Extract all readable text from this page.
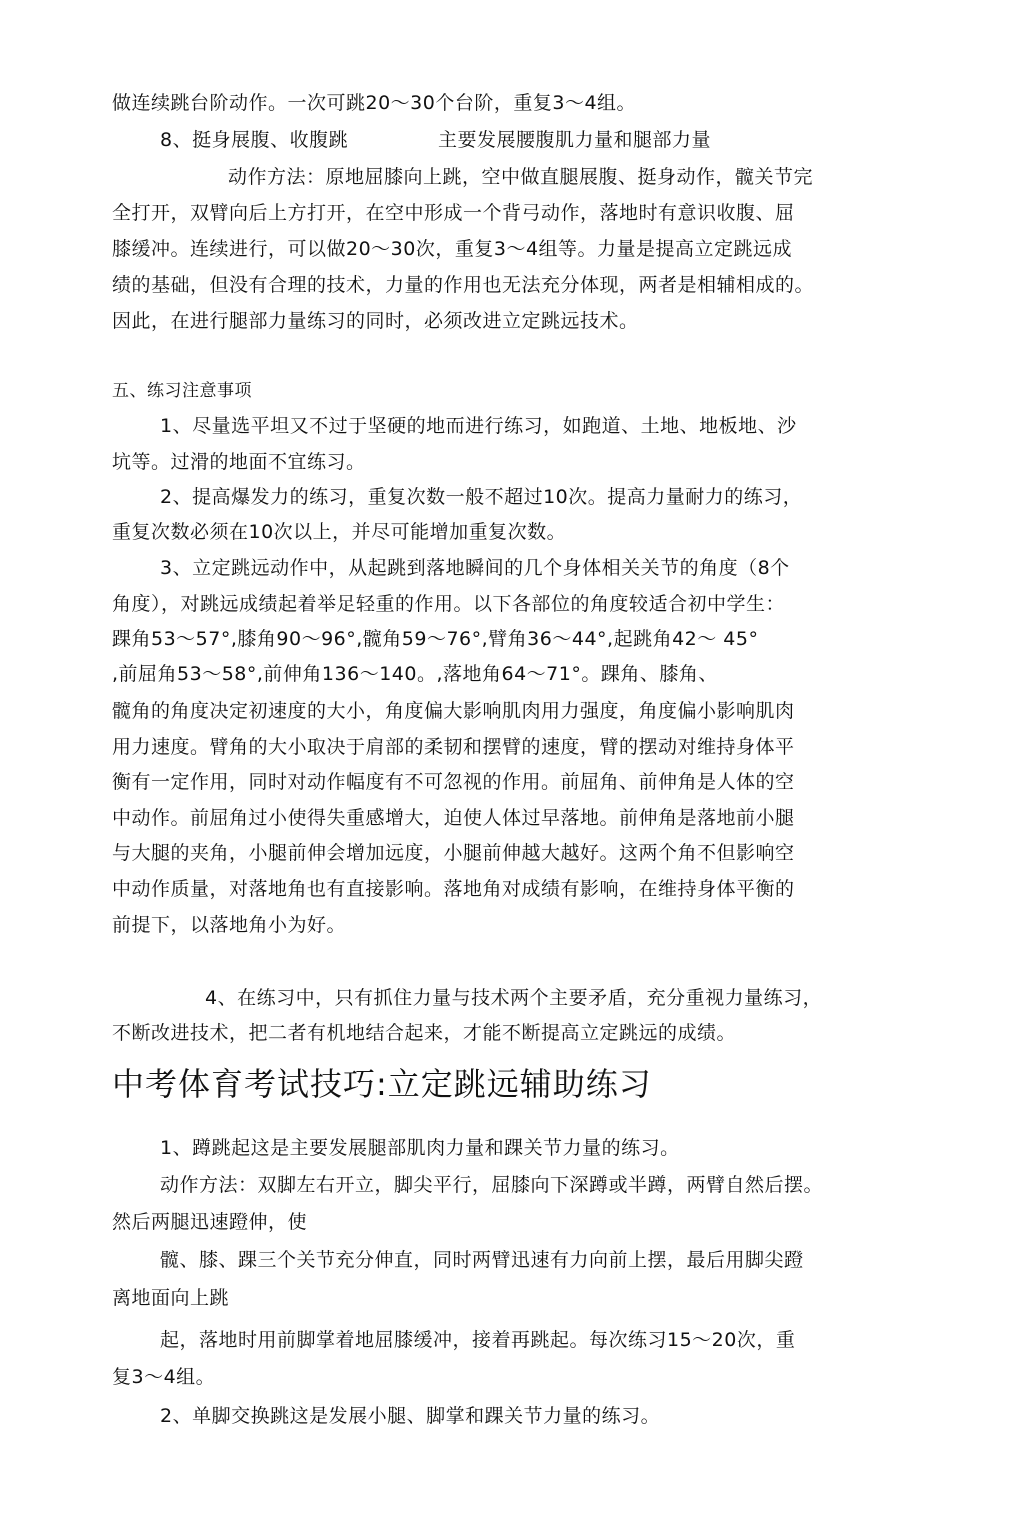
做连续跳台阶动作。一次可跳20～30个台阶，重复3～4组。
8、挺身展腹、收腹跳	主要发展腰腹肌力量和腿部力量
动作方法：原地屈膝向上跳，空中做直腿展腹、挺身动作，髋关节完
全打开，双臂向后上方打开，在空中形成一个背弓动作，落地时有意识收腹、屈
膝缓冲。连续进行，可以做20～30次，重复3～4组等。力量是提高立定跳远成
绩的基础，但没有合理的技术，力量的作用也无法充分体现，两者是相辅相成的。
因此，在进行腿部力量练习的同时，必须改进立定跳远技术。
五、练习注意事项
1、尽量选平坦又不过于坚硬的地而进行练习，如跑道、土地、地板地、沙
坑等。过滑的地面不宜练习。
2、提高爆发力的练习，重复次数一般不超过10次。提高力量耐力的练习，
重复次数必须在10次以上，并尽可能增加重复次数。
3、立定跳远动作中，从起跳到落地瞬间的几个身体相关关节的角度（8个
角度），对跳远成绩起着举足轻重的作用。以下各部位的角度较适合初中学生：
踝角53～57°,膝角90～96°,髋角59～76°,臂角36～44°,起跳角42～ 45°
,前屈角53～58°,前伸角136～140。,落地角64～71°。踝角、膝角、
髋角的角度决定初速度的大小，角度偏大影响肌肉用力强度，角度偏小影响肌肉
用力速度。臂角的大小取决于肩部的柔韧和摆臂的速度，臂的摆动对维持身体平
衡有一定作用，同时对动作幅度有不可忽视的作用。前屈角、前伸角是人体的空
中动作。前屈角过小使得失重感增大，迫使人体过早落地。前伸角是落地前小腿
与大腿的夹角，小腿前伸会增加远度，小腿前伸越大越好。这两个角不但影响空
中动作质量，对落地角也有直接影响。落地角对成绩有影响，在维持身体平衡的
前提下，以落地角小为好。
4、在练习中，只有抓住力量与技术两个主要矛盾，充分重视力量练习，
不断改进技术，把二者有机地结合起来，才能不断提高立定跳远的成绩。
中考体育考试技巧:立定跳远辅助练习
1、蹲跳起这是主要发展腿部肌肉力量和踝关节力量的练习。
动作方法：双脚左右开立，脚尖平行，屈膝向下深蹲或半蹲，两臂自然后摆。
然后两腿迅速蹬伸，使
髋、膝、踝三个关节充分伸直，同时两臂迅速有力向前上摆，最后用脚尖蹬
离地面向上跳
起，落地时用前脚掌着地屈膝缓冲，接着再跳起。每次练习15～20次，重
复3～4组。
2、单脚交换跳这是发展小腿、脚掌和踝关节力量的练习。
